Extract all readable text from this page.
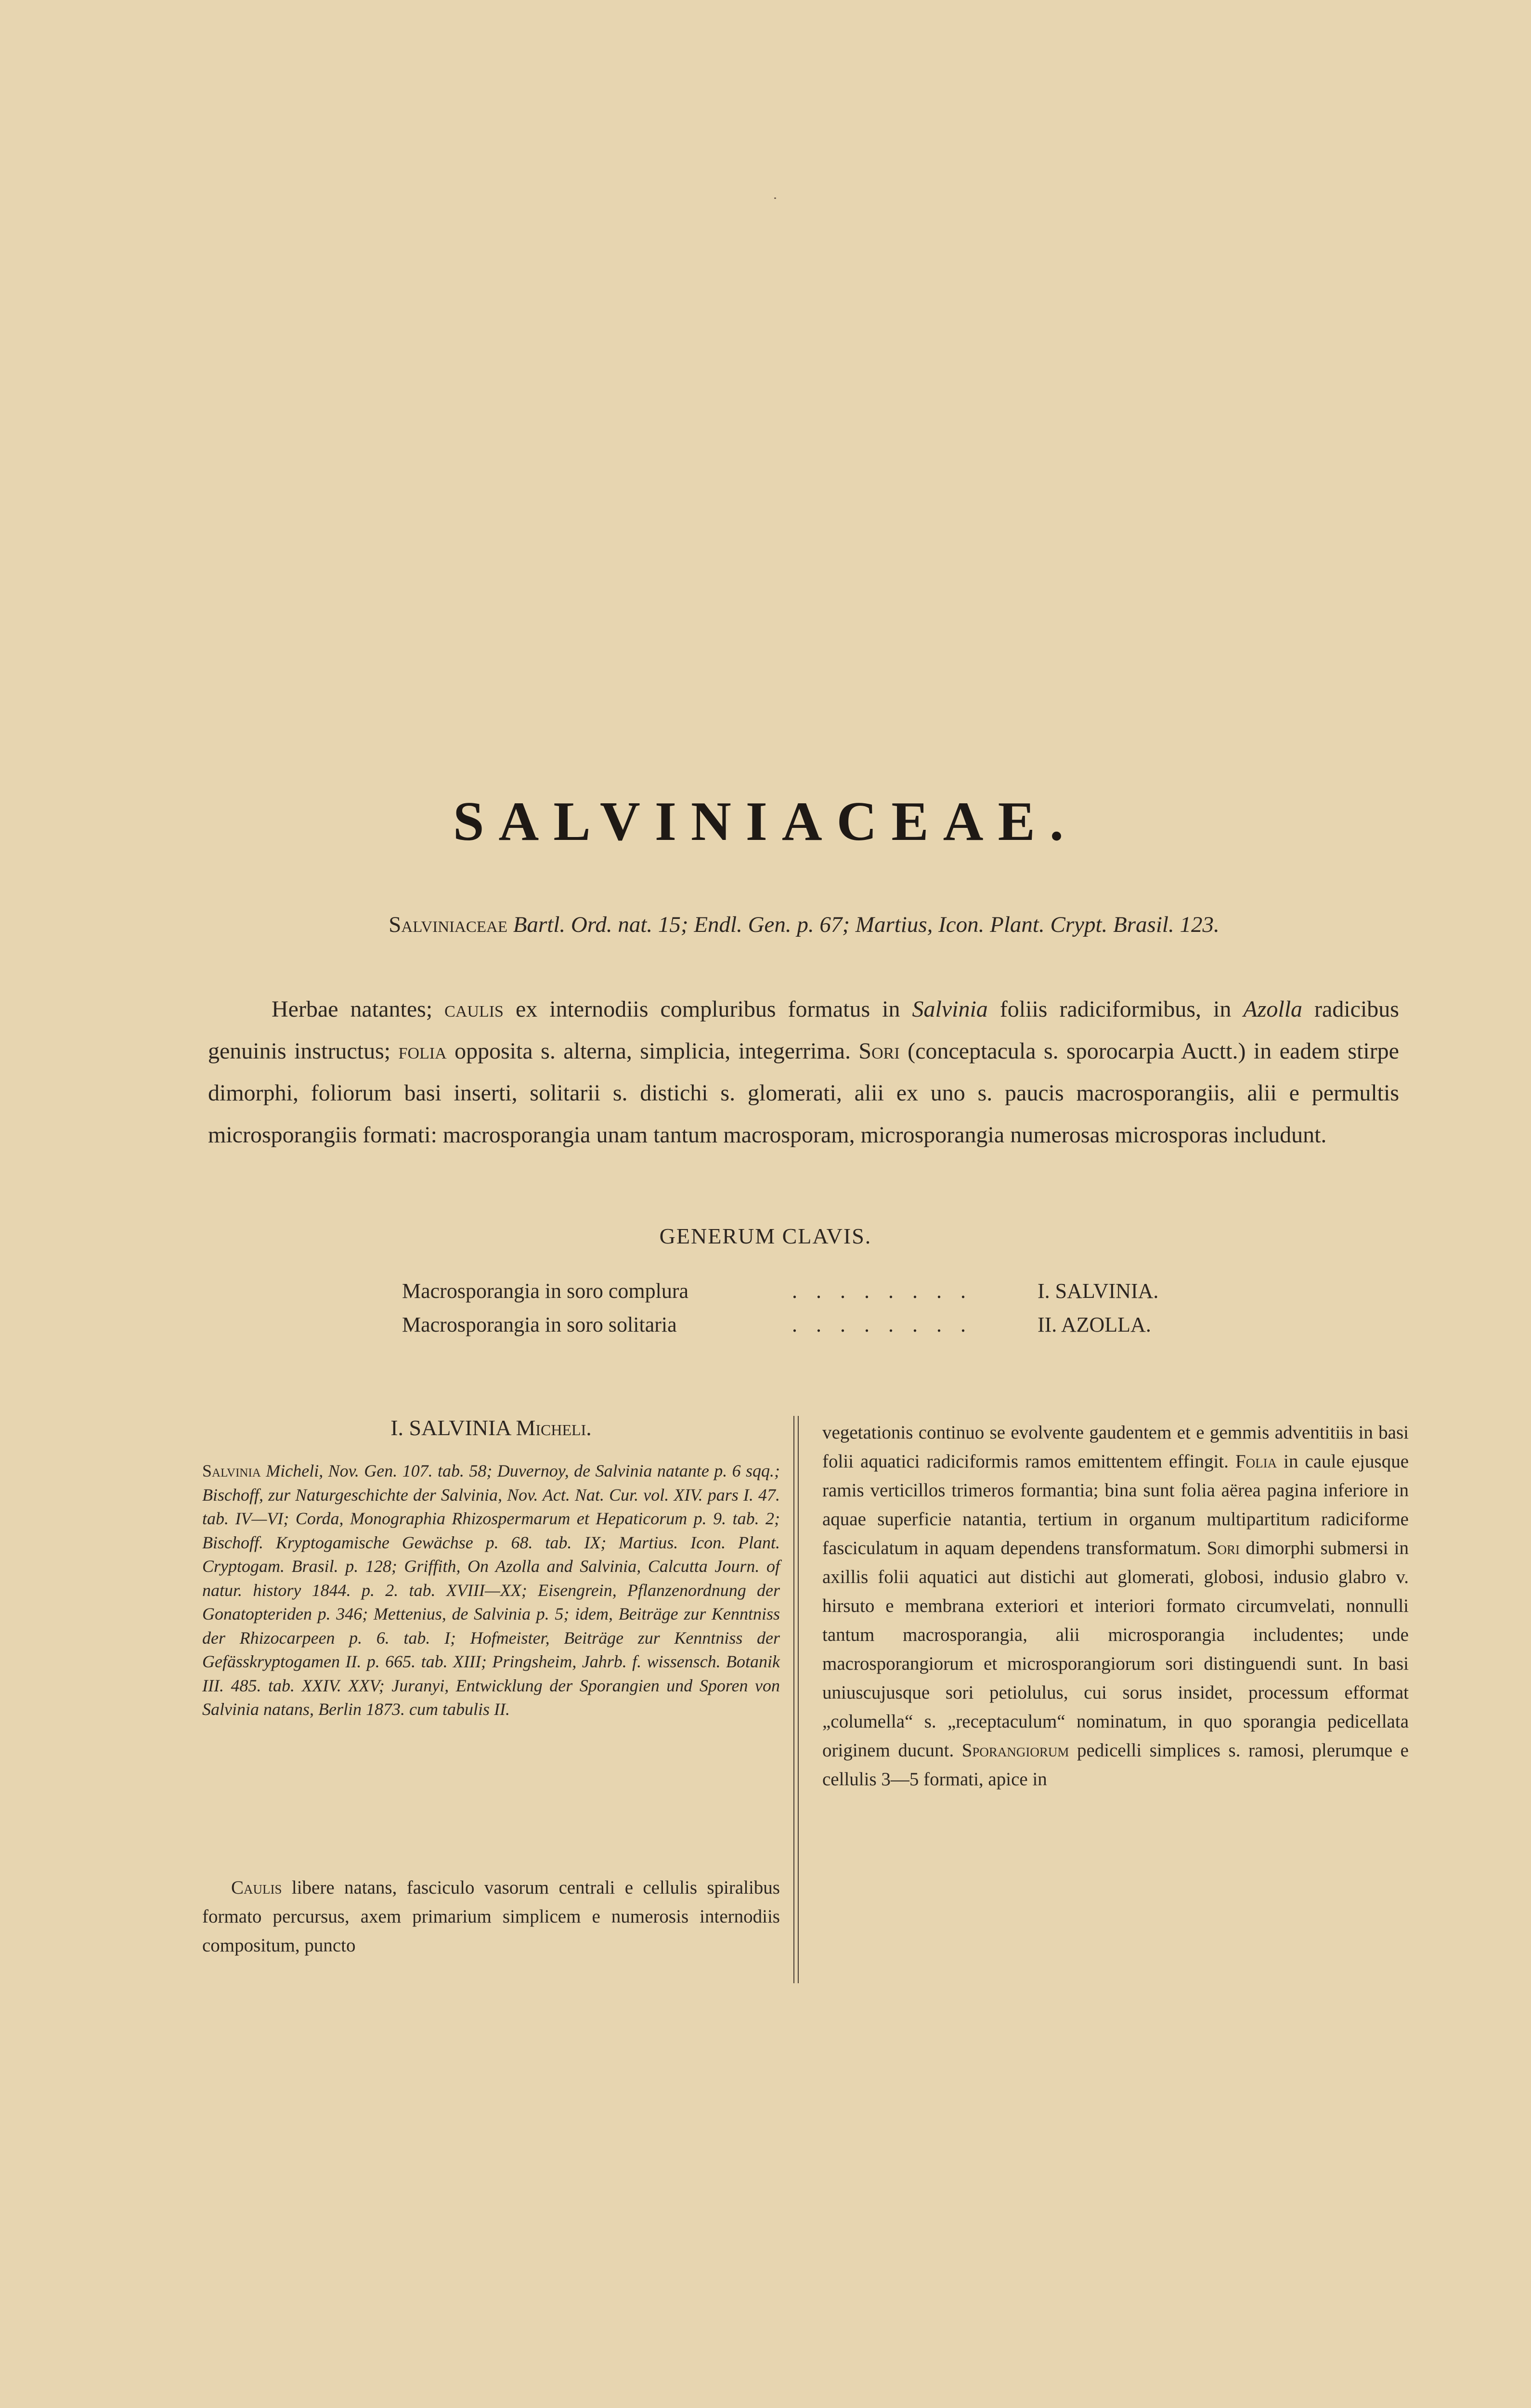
SALVINIACEAE.
Salviniaceae Bartl. Ord. nat. 15; Endl. Gen. p. 67; Martius, Icon. Plant. Crypt. Brasil. 123.

Herbae natantes; caulis ex internodiis compluribus formatus in Salvinia foliis radiciformibus, in Azolla radicibus genuinis instructus; folia opposita s. alterna, simplicia, integerrima. Sori (conceptacula s. sporocarpia Auctt.) in eadem stirpe dimorphi, foliorum basi inserti, solitarii s. distichi s. glomerati, alii ex uno s. paucis macrosporangiis, alii e permultis microsporangiis formati: macrosporangia unam tantum macrosporam, microsporangia numerosas microsporas includunt.

GENERUM CLAVIS.
Macrosporangia in soro complura	. . . . . . . .	I. SALVINIA.
Macrosporangia in soro solitaria	. . . . . . . .	II. AZOLLA.
I. SALVINIA Micheli.

Salvinia Micheli, Nov. Gen. 107. tab. 58; Duvernoy, de Salvinia natante p. 6 sqq.; Bischoff, zur Naturgeschichte der Salvinia, Nov. Act. Nat. Cur. vol. XIV. pars I. 47. tab. IV—VI; Corda, Monographia Rhizospermarum et Hepaticorum p. 9. tab. 2; Bischoff. Kryptogamische Gewächse p. 68. tab. IX; Martius. Icon. Plant. Cryptogam. Brasil. p. 128; Griffith, On Azolla and Salvinia, Calcutta Journ. of natur. history 1844. p. 2. tab. XVIII—XX; Eisengrein, Pflanzenordnung der Gonatopteriden p. 346; Mettenius, de Salvinia p. 5; idem, Beiträge zur Kenntniss der Rhizocarpeen p. 6. tab. I; Hofmeister, Beiträge zur Kenntniss der Gefässkryptogamen II. p. 665. tab. XIII; Pringsheim, Jahrb. f. wissensch. Botanik III. 485. tab. XXIV. XXV; Juranyi, Entwicklung der Sporangien und Sporen von Salvinia natans, Berlin 1873. cum tabulis II.

Caulis libere natans, fasciculo vasorum centrali e cellulis spiralibus formato percursus, axem primarium simplicem e numerosis internodiis compositum, puncto

vegetationis continuo se evolvente gaudentem et e gemmis adventitiis in basi folii aquatici radiciformis ramos emittentem effingit. Folia in caule ejusque ramis verticillos trimeros formantia; bina sunt folia aërea pagina inferiore in aquae superficie natantia, tertium in organum multipartitum radiciforme fasciculatum in aquam dependens transformatum. Sori dimorphi submersi in axillis folii aquatici aut distichi aut glomerati, globosi, indusio glabro v. hirsuto e membrana exteriori et interiori formato circumvelati, nonnulli tantum macrosporangia, alii microsporangia includentes; unde macrosporangiorum et microsporangiorum sori distinguendi sunt. In basi uniuscujusque sori petiolulus, cui sorus insidet, processum efformat „columella“ s. „receptaculum“ nominatum, in quo sporangia pedicellata originem ducunt. Sporangiorum pedicelli simplices s. ramosi, plerumque e cellulis 3—5 formati, apice in
